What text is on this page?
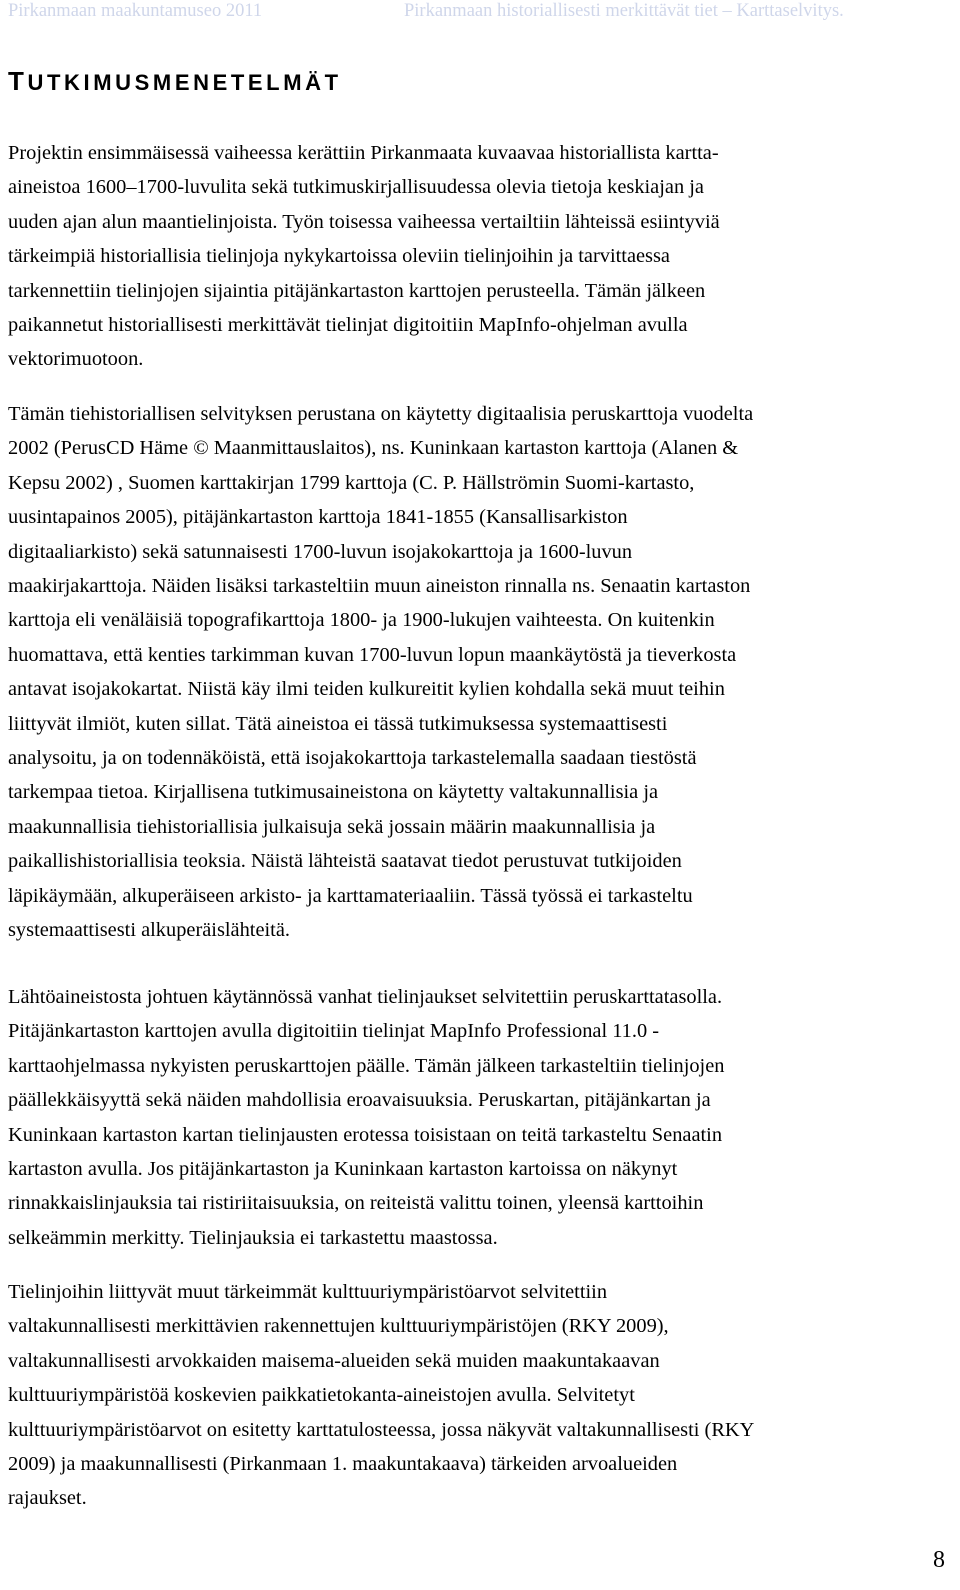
Pirkanmaan maakuntamuseo 2011	Pirkanmaan historiallisesti merkittävät tiet – Karttaselvitys.
TUTKIMUSMENETELMÄT
Projektin ensimmäisessä vaiheessa kerättiin Pirkanmaata kuvaavaa historiallista kartta-
aineistoa 1600–1700-luvulita sekä tutkimuskirjallisuudessa olevia tietoja keskiajan ja
uuden ajan alun maantielinjoista. Työn toisessa vaiheessa vertailtiin lähteissä esiintyviä
tärkeimpiä historiallisia tielinjoja nykykartoissa oleviin tielinjoihin ja tarvittaessa
tarkennettiin tielinjojen sijaintia pitäjänkartaston karttojen perusteella. Tämän jälkeen
paikannetut historiallisesti merkittävät tielinjat digitoitiin MapInfo-ohjelman avulla
vektorimuotoon.
Tämän tiehistoriallisen selvityksen perustana on käytetty digitaalisia peruskarttoja vuodelta
2002 (PerusCD Häme © Maanmittauslaitos), ns. Kuninkaan kartaston karttoja (Alanen &
Kepsu 2002) , Suomen karttakirjan 1799 karttoja (C. P. Hällströmin Suomi-kartasto,
uusintapainos 2005), pitäjänkartaston karttoja 1841-1855 (Kansallisarkiston
digitaaliarkisto) sekä satunnaisesti 1700-luvun isojakokarttoja ja 1600-luvun
maakirjakarttoja. Näiden lisäksi tarkasteltiin muun aineiston rinnalla ns. Senaatin kartaston
karttoja eli venäläisiä topografikarttoja 1800- ja 1900-lukujen vaihteesta. On kuitenkin
huomattava, että kenties tarkimman kuvan 1700-luvun lopun maankäytöstä ja tieverkosta
antavat isojakokartat. Niistä käy ilmi teiden kulkureitit kylien kohdalla sekä muut teihin
liittyvät ilmiöt, kuten sillat. Tätä aineistoa ei tässä tutkimuksessa systemaattisesti
analysoitu, ja on todennäköistä, että isojakokarttoja tarkastelemalla saadaan tiestöstä
tarkempaa tietoa. Kirjallisena tutkimusaineistona on käytetty valtakunnallisia ja
maakunnallisia tiehistoriallisia julkaisuja sekä jossain määrin maakunnallisia ja
paikallishistoriallisia teoksia. Näistä lähteistä saatavat tiedot perustuvat tutkijoiden
läpikäymään, alkuperäiseen arkisto- ja karttamateriaaliin. Tässä työssä ei tarkasteltu
systemaattisesti alkuperäislähteitä.
Lähtöaineistosta johtuen käytännössä vanhat tielinjaukset selvitettiin peruskarttatasolla.
Pitäjänkartaston karttojen avulla digitoitiin tielinjat MapInfo Professional 11.0 -
karttaohjelmassa nykyisten peruskarttojen päälle. Tämän jälkeen tarkasteltiin tielinjojen
päällekkäisyyttä sekä näiden mahdollisia eroavaisuuksia. Peruskartan, pitäjänkartan ja
Kuninkaan kartaston kartan tielinjausten erotessa toisistaan on teitä tarkasteltu Senaatin
kartaston avulla. Jos pitäjänkartaston ja Kuninkaan kartaston kartoissa on näkynyt
rinnakkaislinjauksia tai ristiriitaisuuksia, on reiteistä valittu toinen, yleensä karttoihin
selkeämmin merkitty. Tielinjauksia ei tarkastettu maastossa.
Tielinjoihin liittyvät muut tärkeimmät kulttuuriympäristöarvot selvitettiin
valtakunnallisesti merkittävien rakennettujen kulttuuriympäristöjen (RKY 2009),
valtakunnallisesti arvokkaiden maisema-alueiden sekä muiden maakuntakaavan
kulttuuriympäristöä koskevien paikkatietokanta-aineistojen avulla. Selvitetyt
kulttuuriympäristöarvot on esitetty karttatulosteessa, jossa näkyvät valtakunnallisesti (RKY
2009) ja maakunnallisesti (Pirkanmaan 1. maakuntakaava) tärkeiden arvoalueiden
rajaukset.
8
